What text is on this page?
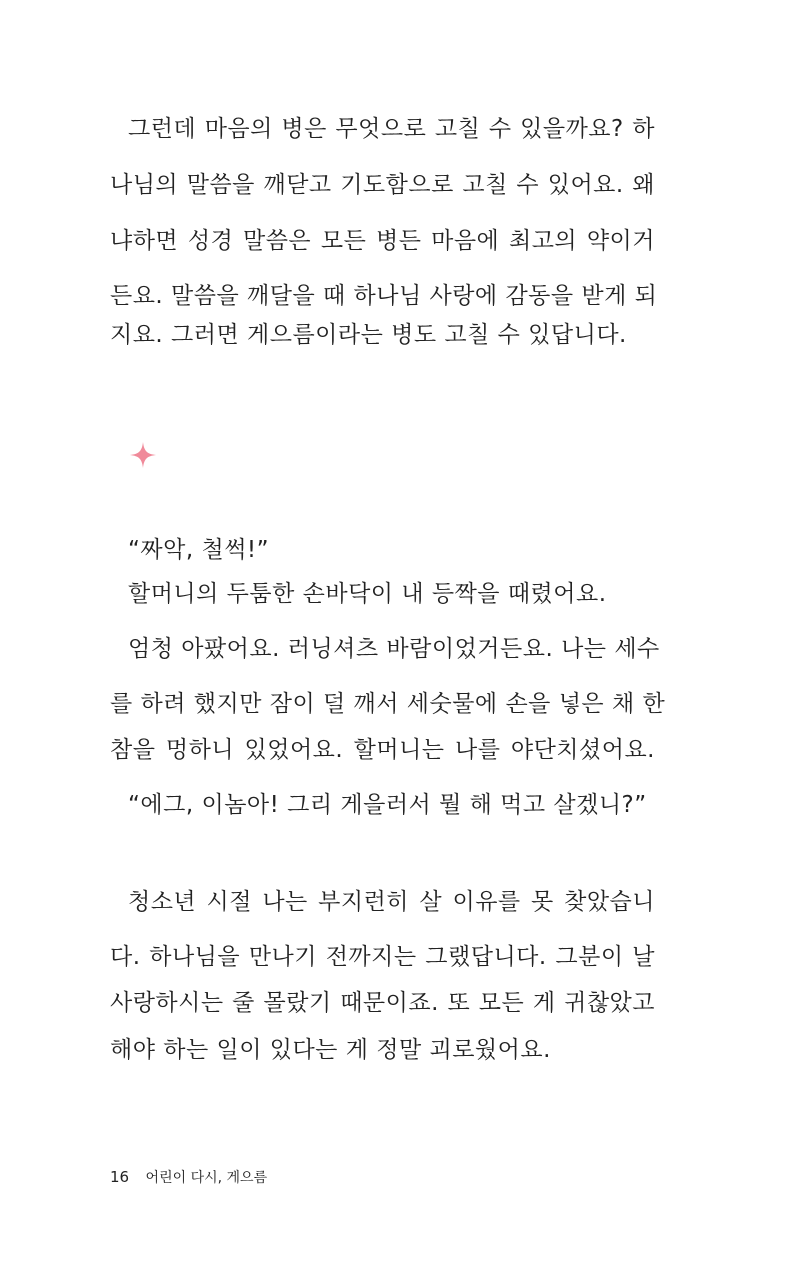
그런데 마음의 병은 무엇으로 고칠 수 있을까요? 하
나님의 말씀을 깨닫고 기도함으로 고칠 수 있어요. 왜
냐하면 성경 말씀은 모든 병든 마음에 최고의 약이거
든요. 말씀을 깨달을 때 하나님 사랑에 감동을 받게 되
지요. 그러면 게으름이라는 병도 고칠 수 있답니다.
“짜악, 철썩!”
할머니의 두툼한 손바닥이 내 등짝을 때렸어요.
엄청 아팠어요. 러닝셔츠 바람이었거든요. 나는 세수
를 하려 했지만 잠이 덜 깨서 세숫물에 손을 넣은 채 한
참을 멍하니 있었어요. 할머니는 나를 야단치셨어요.
“에그, 이놈아! 그리 게을러서 뭘 해 먹고 살겠니?”
청소년 시절 나는 부지런히 살 이유를 못 찾았습니
다. 하나님을 만나기 전까지는 그랬답니다. 그분이 날
사랑하시는 줄 몰랐기 때문이죠. 또 모든 게 귀찮았고
해야 하는 일이 있다는 게 정말 괴로웠어요.
16 어린이 다시, 게으름
